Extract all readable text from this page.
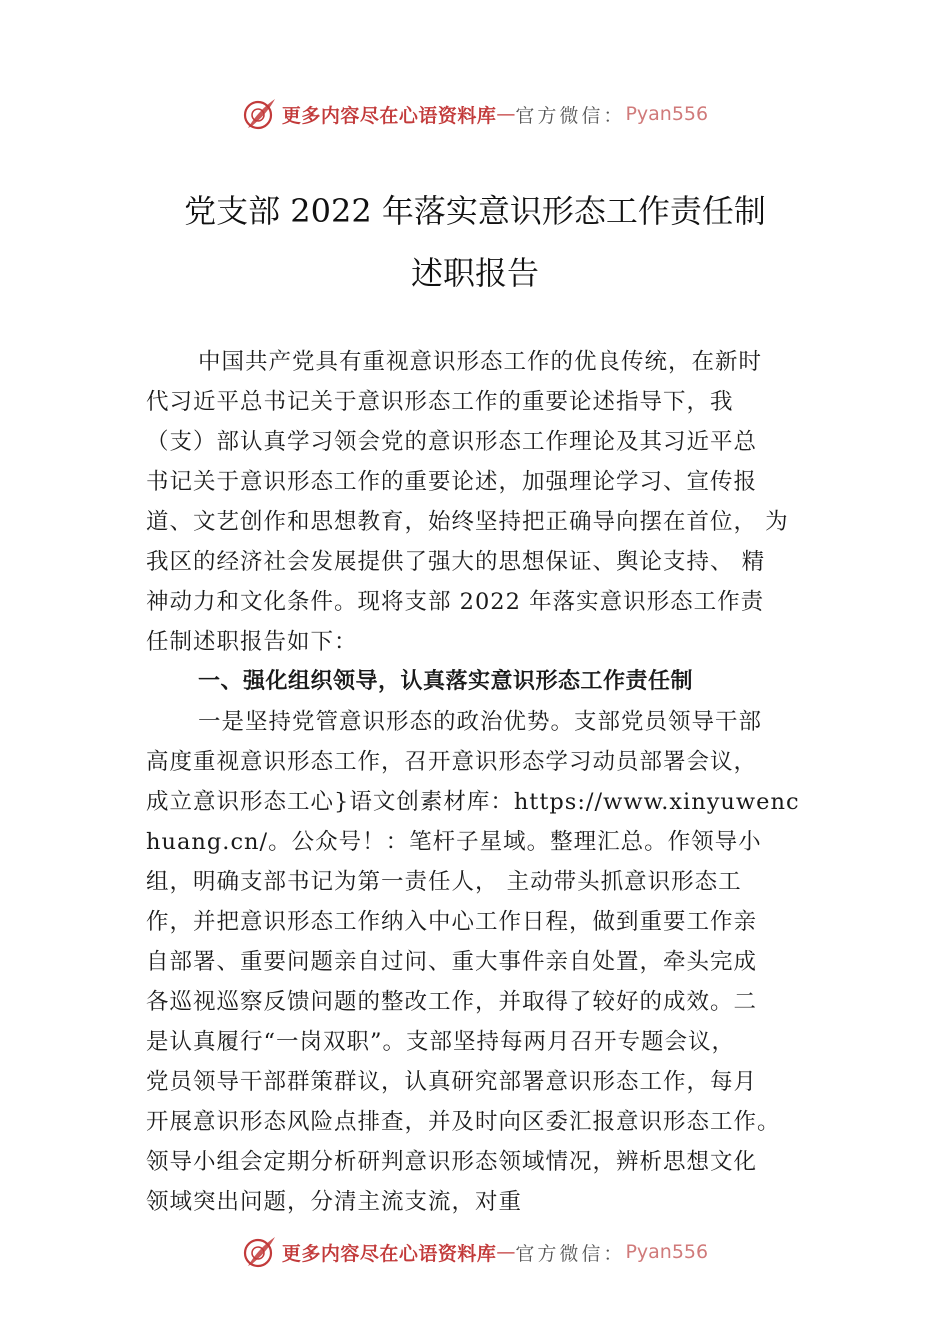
更多内容尽在心语资料库 — 官方微信： Pyan556
党支部 2022 年落实意识形态工作责任制
述职报告
中国共产党具有重视意识形态工作的优良传统，在新时
代习近平总书记关于意识形态工作的重要论述指导下，我
（支）部认真学习领会党的意识形态工作理论及其习近平总
书记关于意识形态工作的重要论述，加强理论学习、宣传报
道、文艺创作和思想教育，始终坚持把正确导向摆在首位， 为
我区的经济社会发展提供了强大的思想保证、舆论支持、 精
神动力和文化条件。现将支部 2022 年落实意识形态工作责
任制述职报告如下：
一、强化组织领导，认真落实意识形态工作责任制
一是坚持党管意识形态的政治优势。支部党员领导干部
高度重视意识形态工作，召开意识形态学习动员部署会议，
成立意识形态工心}语文创素材库：https://www.xinyuwenc
huang.cn/。公众号！：笔杆子星域。整理汇总。作领导小
组，明确支部书记为第一责任人， 主动带头抓意识形态工
作，并把意识形态工作纳入中心工作日程，做到重要工作亲
自部署、重要问题亲自过问、重大事件亲自处置，牵头完成
各巡视巡察反馈问题的整改工作，并取得了较好的成效。二
是认真履行“一岗双职”。支部坚持每两月召开专题会议，
党员领导干部群策群议，认真研究部署意识形态工作，每月
开展意识形态风险点排查，并及时向区委汇报意识形态工作。
领导小组会定期分析研判意识形态领域情况，辨析思想文化
领域突出问题，分清主流支流，对重
更多内容尽在心语资料库 — 官方微信： Pyan556
